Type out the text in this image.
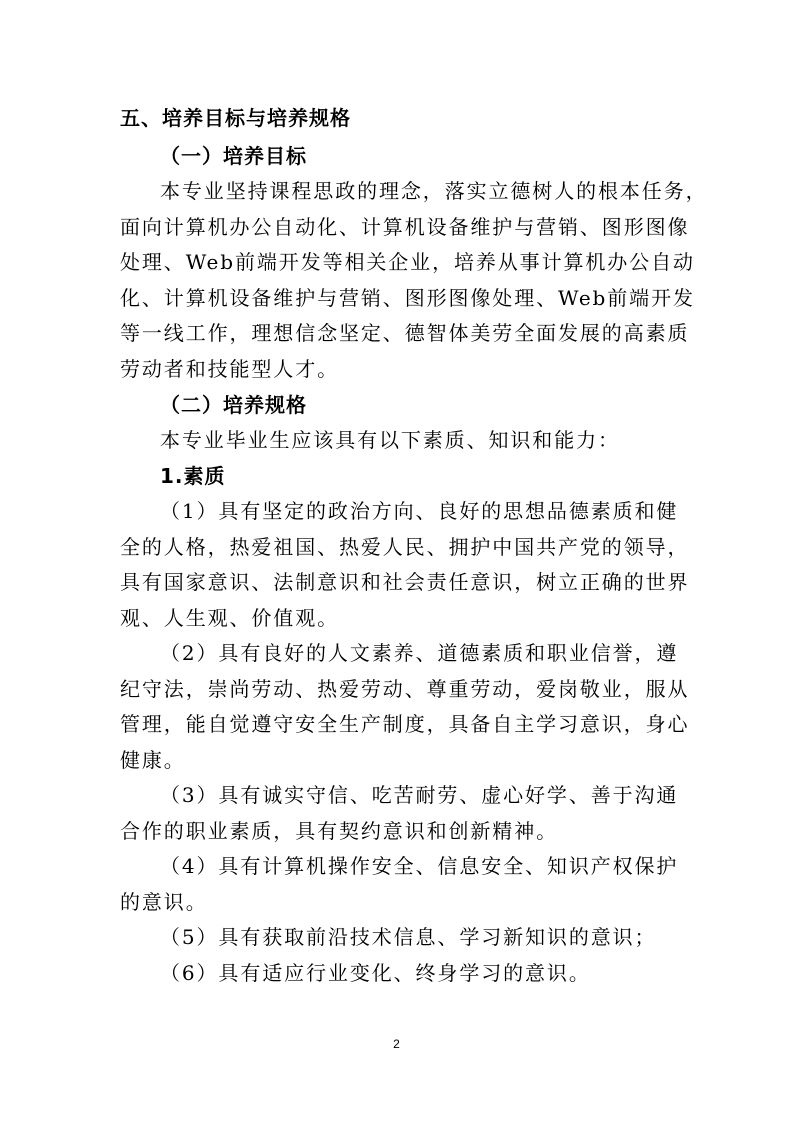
五、培养目标与培养规格
（一）培养目标
本专业坚持课程思政的理念，落实立德树人的根本任务，
面向计算机办公自动化、计算机设备维护与营销、图形图像
处理、Web前端开发等相关企业，培养从事计算机办公自动
化、计算机设备维护与营销、图形图像处理、Web前端开发
等一线工作，理想信念坚定、德智体美劳全面发展的高素质
劳动者和技能型人才。
（二）培养规格
本专业毕业生应该具有以下素质、知识和能力：
1.素质
（1）具有坚定的政治方向、良好的思想品德素质和健
全的人格，热爱祖国、热爱人民、拥护中国共产党的领导，
具有国家意识、法制意识和社会责任意识，树立正确的世界
观、人生观、价值观。
（2）具有良好的人文素养、道德素质和职业信誉，遵
纪守法，崇尚劳动、热爱劳动、尊重劳动，爱岗敬业，服从
管理，能自觉遵守安全生产制度，具备自主学习意识，身心
健康。
（3）具有诚实守信、吃苦耐劳、虚心好学、善于沟通
合作的职业素质，具有契约意识和创新精神。
（4）具有计算机操作安全、信息安全、知识产权保护
的意识。
（5）具有获取前沿技术信息、学习新知识的意识；
（6）具有适应行业变化、终身学习的意识。
2
